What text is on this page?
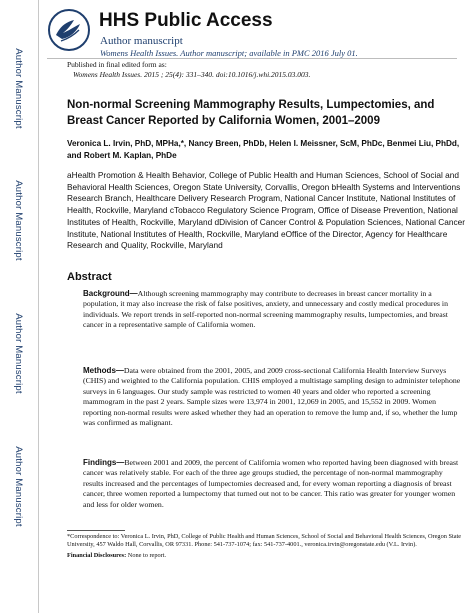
Author Manuscript
Author Manuscript
Author Manuscript
Author Manuscript
HHS Public Access
Author manuscript
Womens Health Issues. Author manuscript; available in PMC 2016 July 01.
Published in final edited form as:
Womens Health Issues. 2015 ; 25(4): 331–340. doi:10.1016/j.whi.2015.03.003.
Non-normal Screening Mammography Results, Lumpectomies, and Breast Cancer Reported by California Women, 2001–2009
Veronica L. Irvin, PhD, MPHa,*, Nancy Breen, PhDb, Helen I. Meissner, ScM, PhDc, Benmei Liu, PhDd, and Robert M. Kaplan, PhDe
aHealth Promotion & Health Behavior, College of Public Health and Human Sciences, School of Social and Behavioral Health Sciences, Oregon State University, Corvallis, Oregon bHealth Systems and Interventions Research Branch, Healthcare Delivery Research Program, National Cancer Institute, National Institutes of Health, Rockville, Maryland cTobacco Regulatory Science Program, Office of Disease Prevention, National Institutes of Health, Rockville, Maryland dDivision of Cancer Control & Population Sciences, National Cancer Institute, National Institutes of Health, Rockville, Maryland eOffice of the Director, Agency for Healthcare Research and Quality, Rockville, Maryland
Abstract
Background—Although screening mammography may contribute to decreases in breast cancer mortality in a population, it may also increase the risk of false positives, anxiety, and unnecessary and costly medical procedures in individuals. We report trends in self-reported non-normal screening mammography results, lumpectomies, and breast cancer in a representative sample of California women.
Methods—Data were obtained from the 2001, 2005, and 2009 cross-sectional California Health Interview Surveys (CHIS) and weighted to the California population. CHIS employed a multistage sampling design to administer telephone surveys in 6 languages. Our study sample was restricted to women 40 years and older who reported a screening mammogram in the past 2 years. Sample sizes were 13,974 in 2001, 12,069 in 2005, and 15,552 in 2009. Women reporting non-normal results were asked whether they had an operation to remove the lump and, if so, whether the lump was confirmed as malignant.
Findings—Between 2001 and 2009, the percent of California women who reported having been diagnosed with breast cancer was relatively stable. For each of the three age groups studied, the percentage of non-normal mammography results increased and the percentages of lumpectomies decreased and, for every woman reporting a diagnosis of breast cancer, three women reported a lumpectomy that turned out not to be cancer. This ratio was greater for younger women and less for older women.
*Correspondence to: Veronica L. Irvin, PhD, College of Public Health and Human Sciences, School of Social and Behavioral Health Sciences, Oregon State University, 457 Waldo Hall, Corvallis, OR 97331. Phone: 541-737-1074; fax: 541-737-4001., veronica.irvin@oregonstate.edu (V.L. Irvin).
Financial Disclosures: None to report.
